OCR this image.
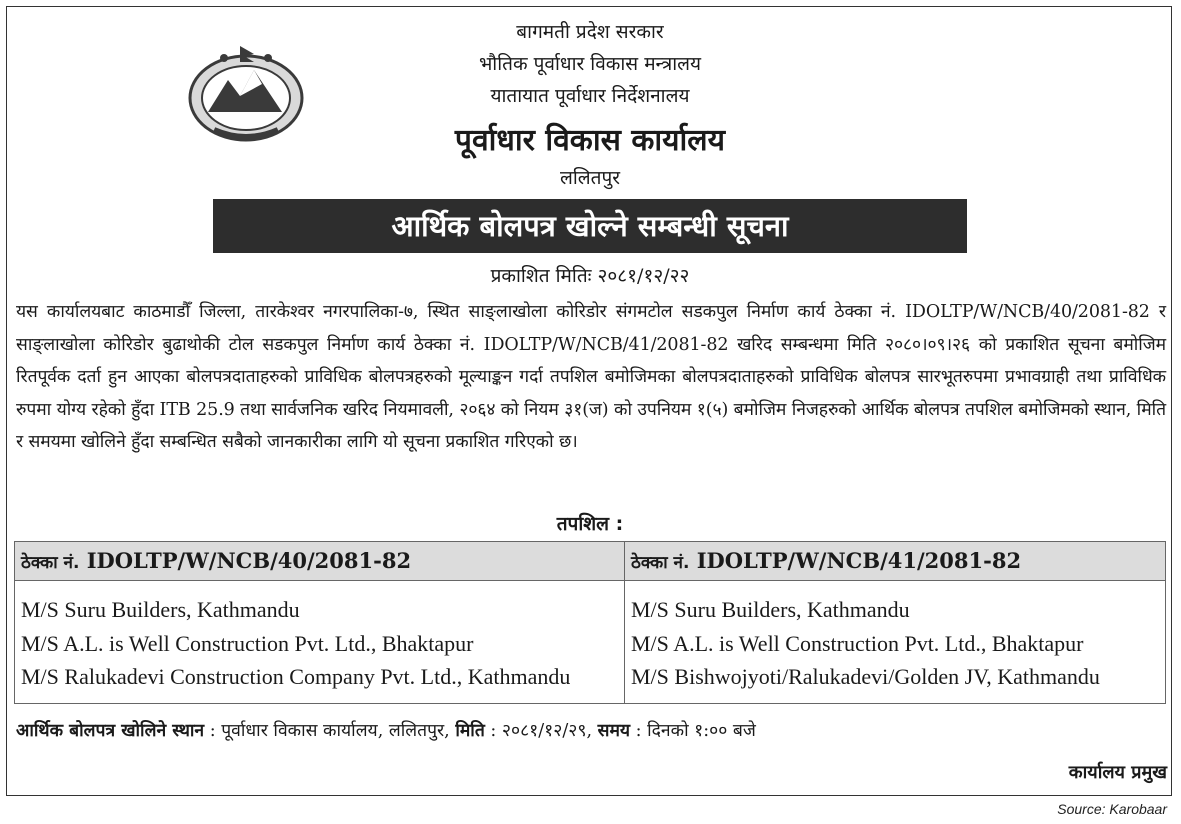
बागमती प्रदेश सरकार
भौतिक पूर्वाधार विकास मन्त्रालय
यातायात पूर्वाधार निर्देशनालय
पूर्वाधार विकास कार्यालय
ललितपुर
आर्थिक बोलपत्र खोल्ने सम्बन्धी सूचना
प्रकाशित मितिः २०८१/१२/२२
यस कार्यालयबाट काठमाडौँ जिल्ला, तारकेश्वर नगरपालिका-७, स्थित साङ्लाखोला कोरिडोर संगमटोल सडकपुल निर्माण कार्य ठेक्का नं. IDOLTP/W/NCB/40/2081-82 र साङ्लाखोला कोरिडोर बुढाथोकी टोल सडकपुल निर्माण कार्य ठेक्का नं. IDOLTP/W/NCB/41/2081-82 खरिद सम्बन्धमा मिति २०८०।०९।२६ को प्रकाशित सूचना बमोजिम रितपूर्वक दर्ता हुन आएका बोलपत्रदाताहरुको प्राविधिक बोलपत्रहरुको मूल्याङ्कन गर्दा तपशिल बमोजिमका बोलपत्रदाताहरुको प्राविधिक बोलपत्र सारभूतरुपमा प्रभावग्राही तथा प्राविधिक रुपमा योग्य रहेको हुँदा ITB 25.9 तथा सार्वजनिक खरिद नियमावली, २०६४ को नियम ३१(ज) को उपनियम १(५) बमोजिम निजहरुको आर्थिक बोलपत्र तपशिल बमोजिमको स्थान, मिति र समयमा खोलिने हुँदा सम्बन्धित सबैको जानकारीका लागि यो सूचना प्रकाशित गरिएको छ।
तपशिल :
ठेक्का नं. IDOLTP/W/NCB/40/2081-82
M/S Suru Builders, Kathmandu
M/S A.L. is Well Construction Pvt. Ltd., Bhaktapur
M/S Ralukadevi Construction Company Pvt. Ltd., Kathmandu
ठेक्का नं. IDOLTP/W/NCB/41/2081-82
M/S Suru Builders, Kathmandu
M/S A.L. is Well Construction Pvt. Ltd., Bhaktapur
M/S Bishwojyoti/Ralukadevi/Golden JV, Kathmandu
आर्थिक बोलपत्र खोलिने स्थान : पूर्वाधार विकास कार्यालय, ललितपुर, मिति : २०८१/१२/२९, समय : दिनको १:०० बजे
कार्यालय प्रमुख
Source: Karobaar
